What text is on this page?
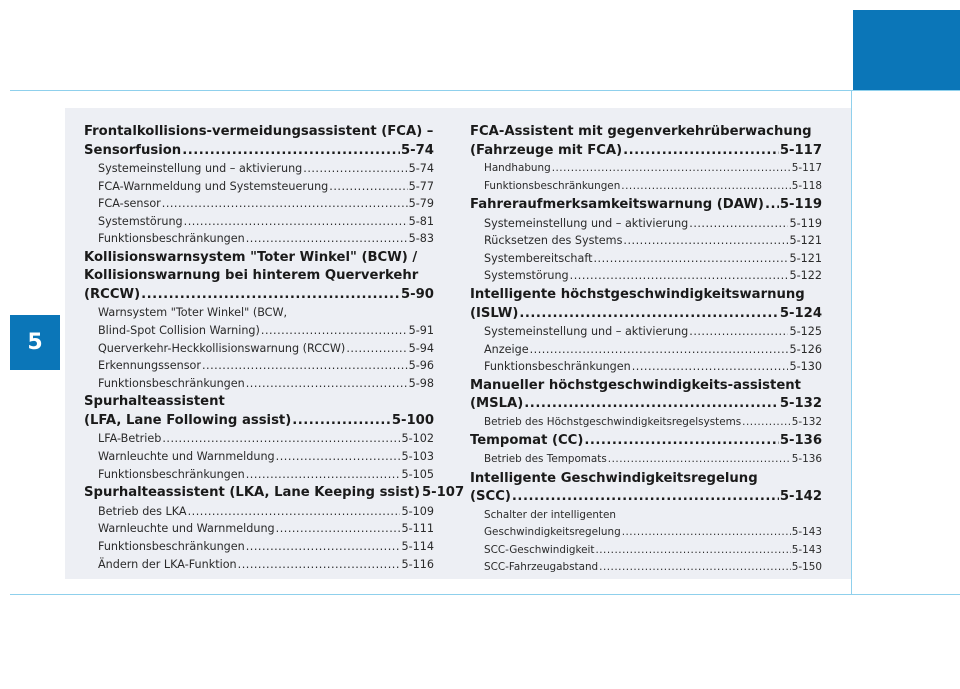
5
Frontalkollisions-vermeidungsassistent (FCA) –
Sensorfusion .....	5-74
Systemeinstellung und – aktivierung .....	5-74
FCA-Warnmeldung und Systemsteuerung .....	5-77
FCA-sensor .....	5-79
Systemstörung .....	5-81
Funktionsbeschränkungen .....	5-83
Kollisionswarnsystem "Toter Winkel" (BCW) /
Kollisionswarnung bei hinterem Querverkehr
(RCCW) .....	5-90
Warnsystem "Toter Winkel" (BCW,
Blind-Spot Collision Warning) .....	5-91
Querverkehr-Heckkollisionswarnung (RCCW) .....	5-94
Erkennungssensor .....	5-96
Funktionsbeschränkungen .....	5-98
Spurhalteassistent
(LFA, Lane Following assist) .....	5-100
LFA-Betrieb .....	5-102
Warnleuchte und Warnmeldung .....	5-103
Funktionsbeschränkungen .....	5-105
Spurhalteassistent (LKA, Lane Keeping ssist) 5-107
Betrieb des LKA .....	5-109
Warnleuchte und Warnmeldung .....	5-111
Funktionsbeschränkungen .....	5-114
Ändern der LKA-Funktion .....	5-116
FCA-Assistent mit gegenverkehrüberwachung
(Fahrzeuge mit FCA) .....	5-117
Handhabung .....	5-117
Funktionsbeschränkungen .....	5-118
Fahreraufmerksamkeitswarnung (DAW) ..... 5-119
Systemeinstellung und – aktivierung .....	5-119
Rücksetzen des Systems .....	5-121
Systembereitschaft .....	5-121
Systemstörung .....	5-122
Intelligente höchstgeschwindigkeitswarnung
(ISLW) .....	5-124
Systemeinstellung und – aktivierung .....	5-125
Anzeige .....	5-126
Funktionsbeschränkungen .....	5-130
Manueller höchstgeschwindigkeits-assistent
(MSLA) .....	5-132
Betrieb des Höchstgeschwindigkeitsregelsystems .....	5-132
Tempomat (CC) .....	5-136
Betrieb des Tempomats .....	5-136
Intelligente Geschwindigkeitsregelung
(SCC) .....	5-142
Schalter der intelligenten
Geschwindigkeitsregelung .....	5-143
SCC-Geschwindigkeit .....	5-143
SCC-Fahrzeugabstand .....	5-150
